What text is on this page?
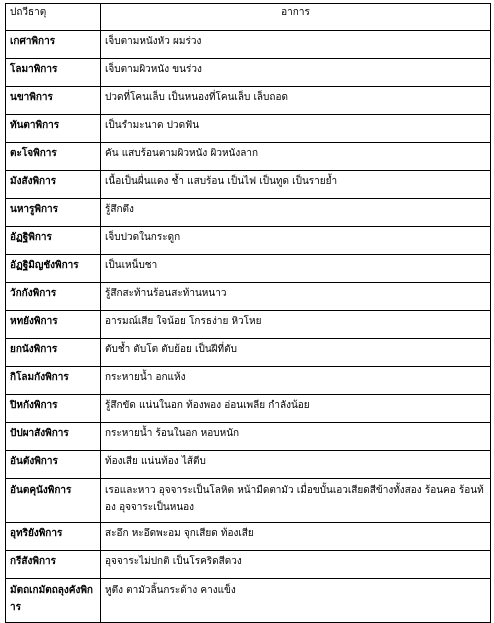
ปถวีธาตุ	อาการ
เกศาพิการ	เจ็บตามหนังหัว ผมร่วง
โลมาพิการ	เจ็บตามผิวหนัง ขนร่วง
นขาพิการ	ปวดที่โคนเล็บ เป็นหนองที่โคนเล็บ เล็บถอด
ทันตาพิการ	เป็นรำมะนาด ปวดฟัน
ตะโจพิการ	คัน แสบร้อนตามผิวหนัง ผิวหนังลาก
มังสังพิการ	เนื้อเป็นผื่นแดง ช้ำ แสบร้อน เป็นไฟ เป็นทูด เป็นรายย้ำ
นหารูพิการ	รู้สึกตึง
อัฏฐิพิการ	เจ็บปวดในกระดูก
อัฏฐิมิญชังพิการ	เป็นเหน็บชา
วักกังพิการ	รู้สึกสะท้านร้อนสะท้านหนาว
หทยังพิการ	อารมณ์เสีย ใจน้อย โกรธง่าย หิวโหย
ยกนังพิการ	ตับช้ำ ตับโต ตับย้อย เป็นฝีที่ตับ
กิโลมกังพิการ	กระหายน้ำ อกแห้ง
ปิหกังพิการ	รู้สึกขัด แน่นในอก ท้องพอง อ่อนเพลีย กำลังน้อย
ปัปผาสังพิการ	กระหายน้ำ ร้อนในอก หอบหนัก
อันตังพิการ	ท้องเสีย แน่นท้อง ไส้ตีบ
อันตคุนังพิการ	เรอและหาว อุจจาระเป็นโลหิต หน้ามืดตามัว เมื่อขบั้นเอวเสียดสีข้างทั้งสอง ร้อนคอ ร้อนท้อง อุจจาระเป็นหนอง
อุทริยังพิการ	สะอึก หะอึดพะอม จุกเสียด ท้องเสีย
กรีสังพิการ	อุจจาระไม่ปกติ เป็นโรคริดสีดวง
มัตถเกมัตถลุงคังพิการ	หูตึง ตามัวลิ้นกระด้าง คางแข็ง
